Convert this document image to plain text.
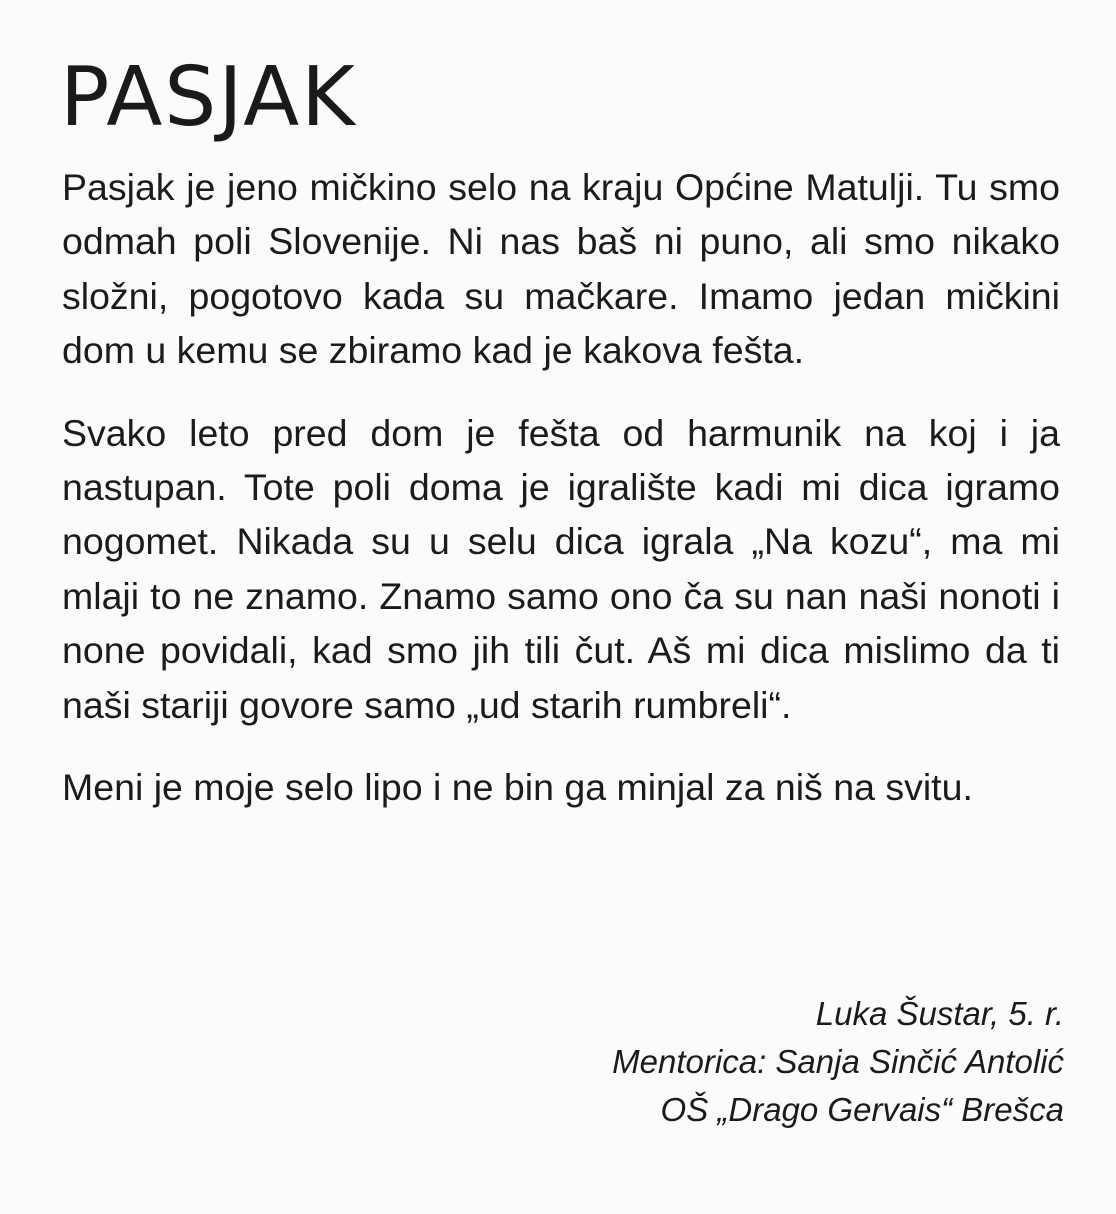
PASJAK

Pasjak je jeno mičkino selo na kraju Općine Matulji. Tu smo odmah poli Slovenije. Ni nas baš ni puno, ali smo nikako složni, pogotovo kada su mačkare. Imamo jedan mičkini dom u kemu se zbiramo kad je kakova fešta.

Svako leto pred dom je fešta od harmunik na koj i ja nastupan. Tote poli doma je igralište kadi mi dica igramo nogomet. Nikada su u selu dica igrala „Na kozu“, ma mi mlaji to ne znamo. Znamo samo ono ča su nan naši nonoti i none povidali, kad smo jih tili čut. Aš mi dica mislimo da ti naši stariji govore samo „ud starih rumbreli“.

Meni je moje selo lipo i ne bin ga minjal za niš na svitu.

Luka Šustar, 5. r.
Mentorica: Sanja Sinčić Antolić
OŠ „Drago Gervais“ Brešca
